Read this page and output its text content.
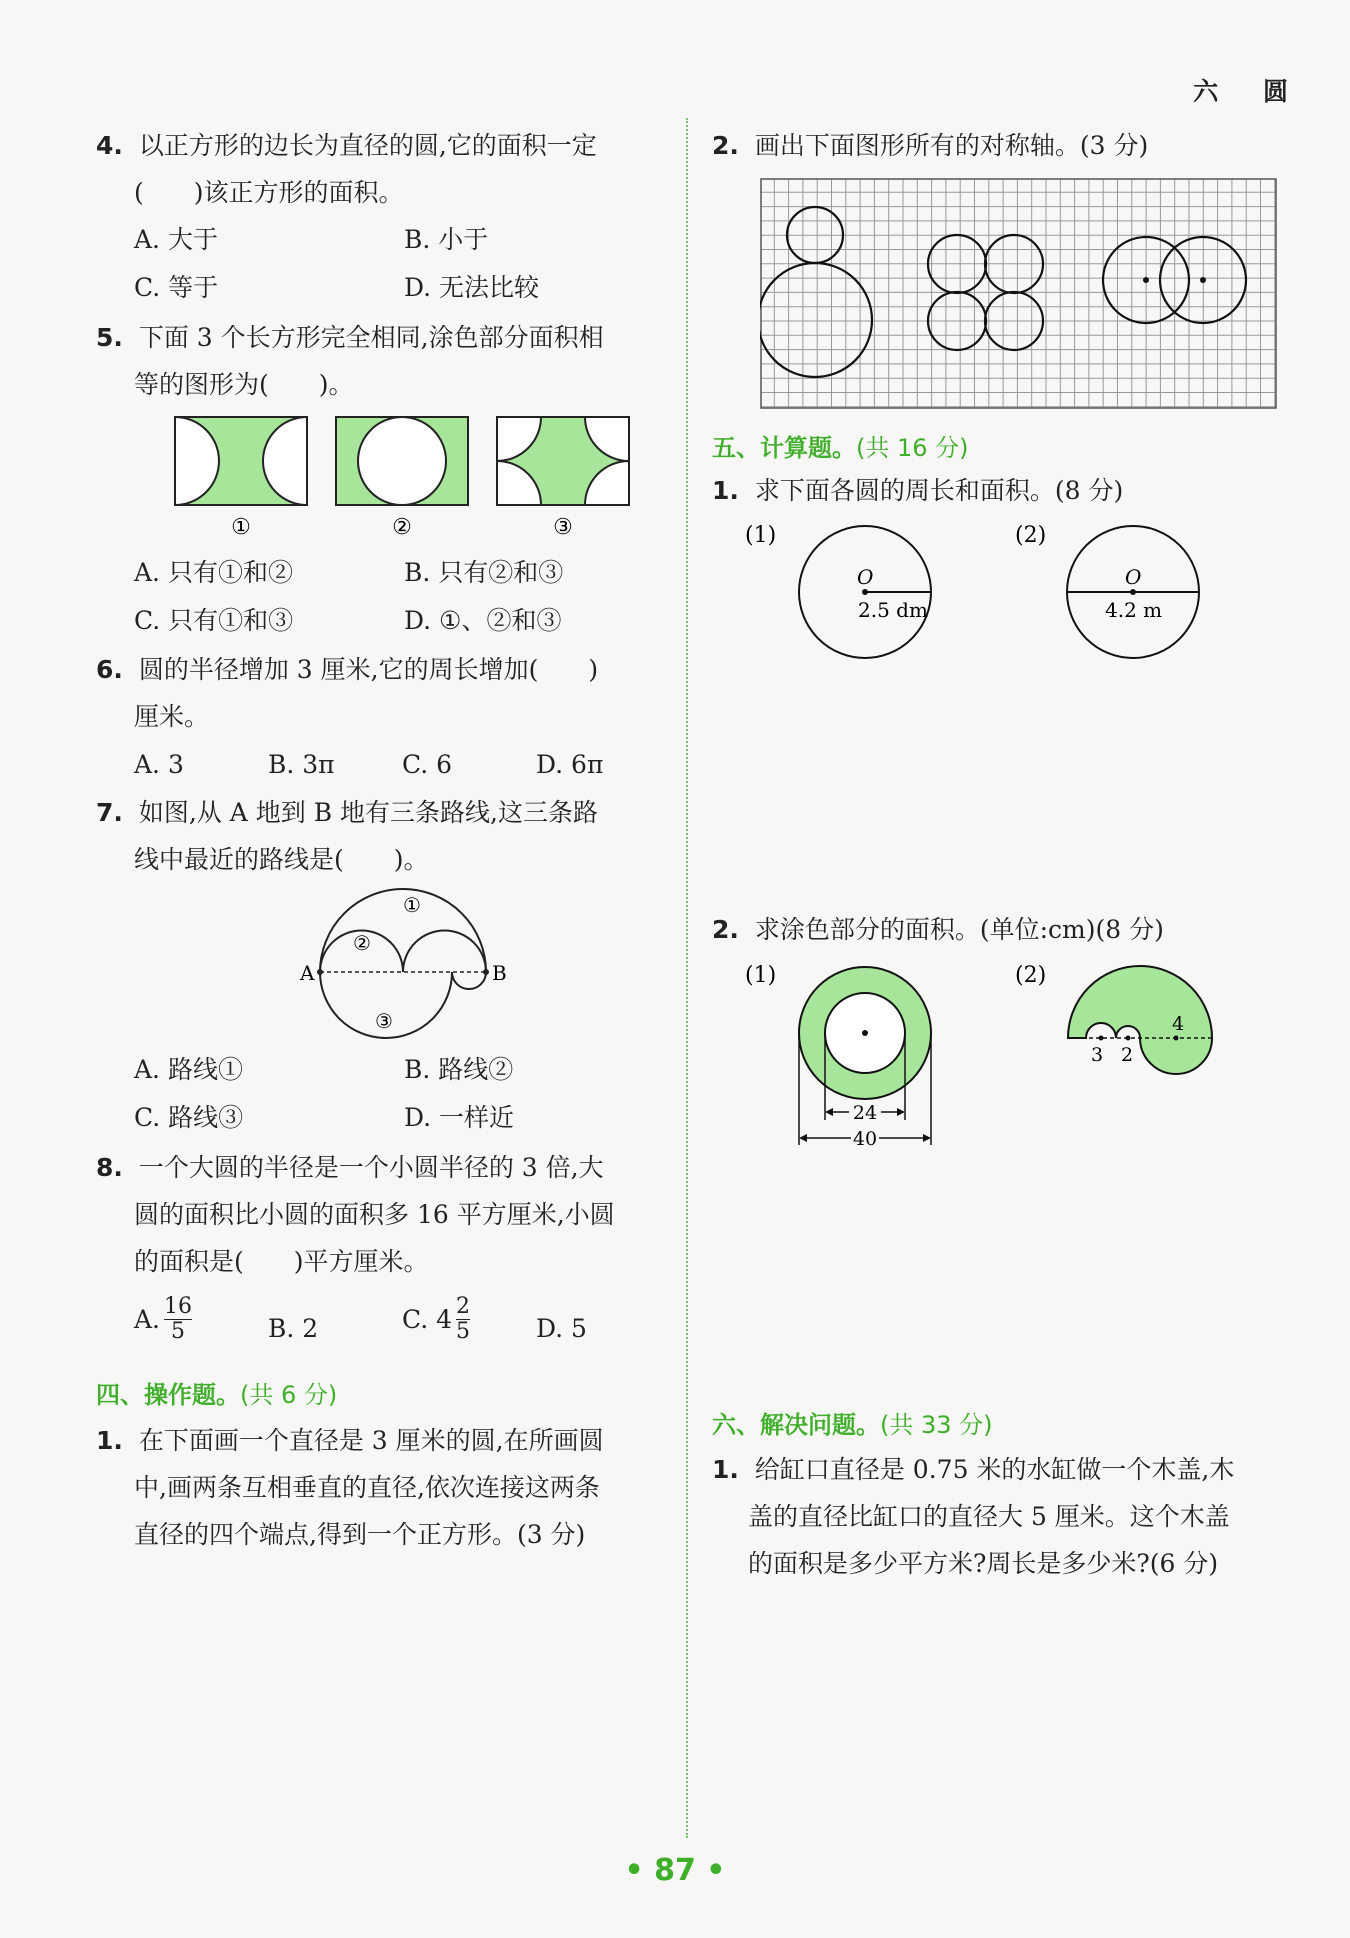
六 圆
4. 以正方形的边长为直径的圆,它的面积一定
(　　)该正方形的面积。
A. 大于	B. 小于
C. 等于	D. 无法比较
5. 下面 3 个长方形完全相同,涂色部分面积相
等的图形为(　　)。
①	②	③
A. 只有①和②	B. 只有②和③
C. 只有①和③	D. ①、②和③
6. 圆的半径增加 3 厘米,它的周长增加(　　)
厘米。
A. 3	B. 3π	C. 6	D. 6π
7. 如图,从 A 地到 B 地有三条路线,这三条路
线中最近的路线是(　　)。
A	B
①
②
③
A. 路线①	B. 路线②
C. 路线③	D. 一样近
8. 一个大圆的半径是一个小圆半径的 3 倍,大
圆的面积比小圆的面积多 16 平方厘米,小圆
的面积是(　　)平方厘米。
A. $\frac{16}{5}$	B. 2	C. $4 \frac{2}{5}$	D. 5
四、操作题。(共 6 分)
1. 在下面画一个直径是 3 厘米的圆,在所画圆
中,画两条互相垂直的直径,依次连接这两条
直径的四个端点,得到一个正方形。(3 分)
2. 画出下面图形所有的对称轴。(3 分)
五、计算题。(共 16 分)
1. 求下面各圆的周长和面积。(8 分)
(1)
O
2.5 dm
(2)
O
4.2 m
2. 求涂色部分的面积。(单位:cm)(8 分)
(1)
24
40
(2)
3 2
4
六、解决问题。(共 33 分)
1. 给缸口直径是 0.75 米的水缸做一个木盖,木
盖的直径比缸口的直径大 5 厘米。这个木盖
的面积是多少平方米?周长是多少米?(6 分)
• 87 •
